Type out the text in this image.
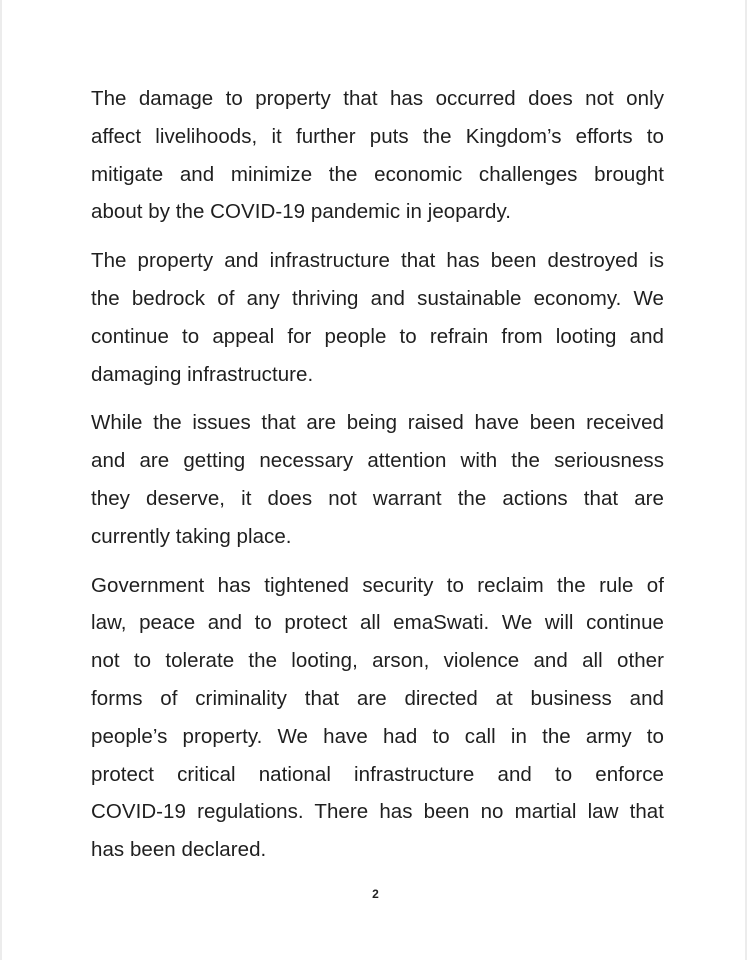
The damage to property that has occurred does not only
affect livelihoods, it further puts the Kingdom’s efforts to
mitigate and minimize the economic challenges brought
about by the COVID-19 pandemic in jeopardy.

The property and infrastructure that has been destroyed is
the bedrock of any thriving and sustainable economy. We
continue to appeal for people to refrain from looting and
damaging infrastructure.

While the issues that are being raised have been received
and are getting necessary attention with the seriousness
they deserve, it does not warrant the actions that are
currently taking place.

Government has tightened security to reclaim the rule of
law, peace and to protect all emaSwati. We will continue
not to tolerate the looting, arson, violence and all other
forms of criminality that are directed at business and
people’s property. We have had to call in the army to
protect critical national infrastructure and to enforce
COVID-19 regulations. There has been no martial law that
has been declared.

2
